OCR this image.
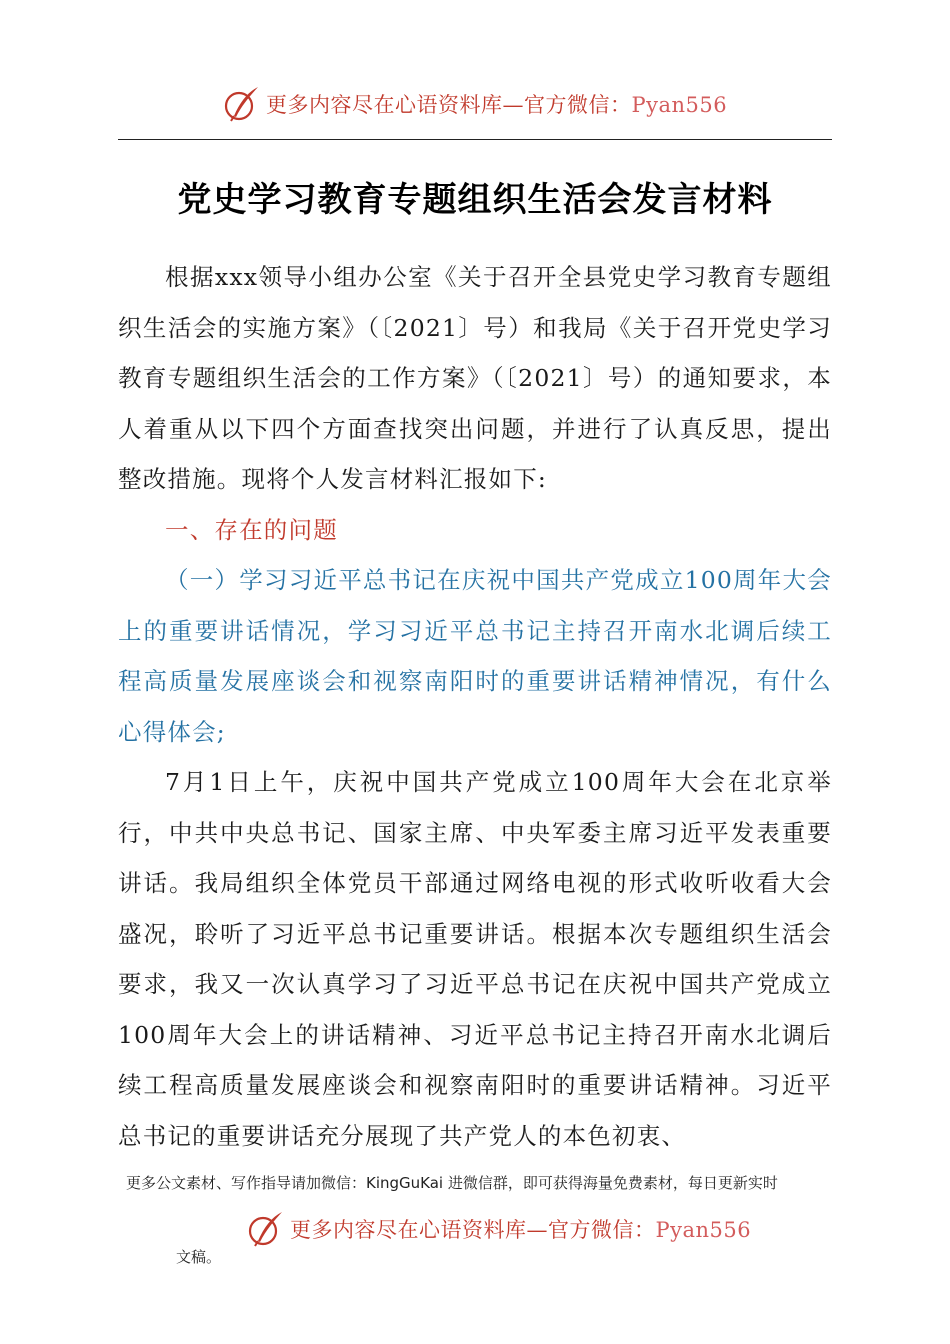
更多内容尽在心语资料库—官方微信：Pyan556
党史学习教育专题组织生活会发言材料

根据xxx领导小组办公室《关于召开全县党史学习教育专题组织生活会的实施方案》（〔2021〕号）和我局《关于召开党史学习教育专题组织生活会的工作方案》（〔2021〕号）的通知要求，本人着重从以下四个方面查找突出问题，并进行了认真反思，提出整改措施。现将个人发言材料汇报如下:

一、存在的问题

（一）学习习近平总书记在庆祝中国共产党成立100周年大会上的重要讲话情况，学习习近平总书记主持召开南水北调后续工程高质量发展座谈会和视察南阳时的重要讲话精神情况，有什么心得体会;

7月1日上午，庆祝中国共产党成立100周年大会在北京举行，中共中央总书记、国家主席、中央军委主席习近平发表重要讲话。我局组织全体党员干部通过网络电视的形式收听收看大会盛况，聆听了习近平总书记重要讲话。根据本次专题组织生活会要求，我又一次认真学习了习近平总书记在庆祝中国共产党成立100周年大会上的讲话精神、习近平总书记主持召开南水北调后续工程高质量发展座谈会和视察南阳时的重要讲话精神。习近平总书记的重要讲话充分展现了共产党人的本色初衷、

更多公文素材、写作指导请加微信：KingGuKai 进微信群，即可获得海量免费素材，每日更新实时
更多内容尽在心语资料库—官方微信：Pyan556
文稿。
